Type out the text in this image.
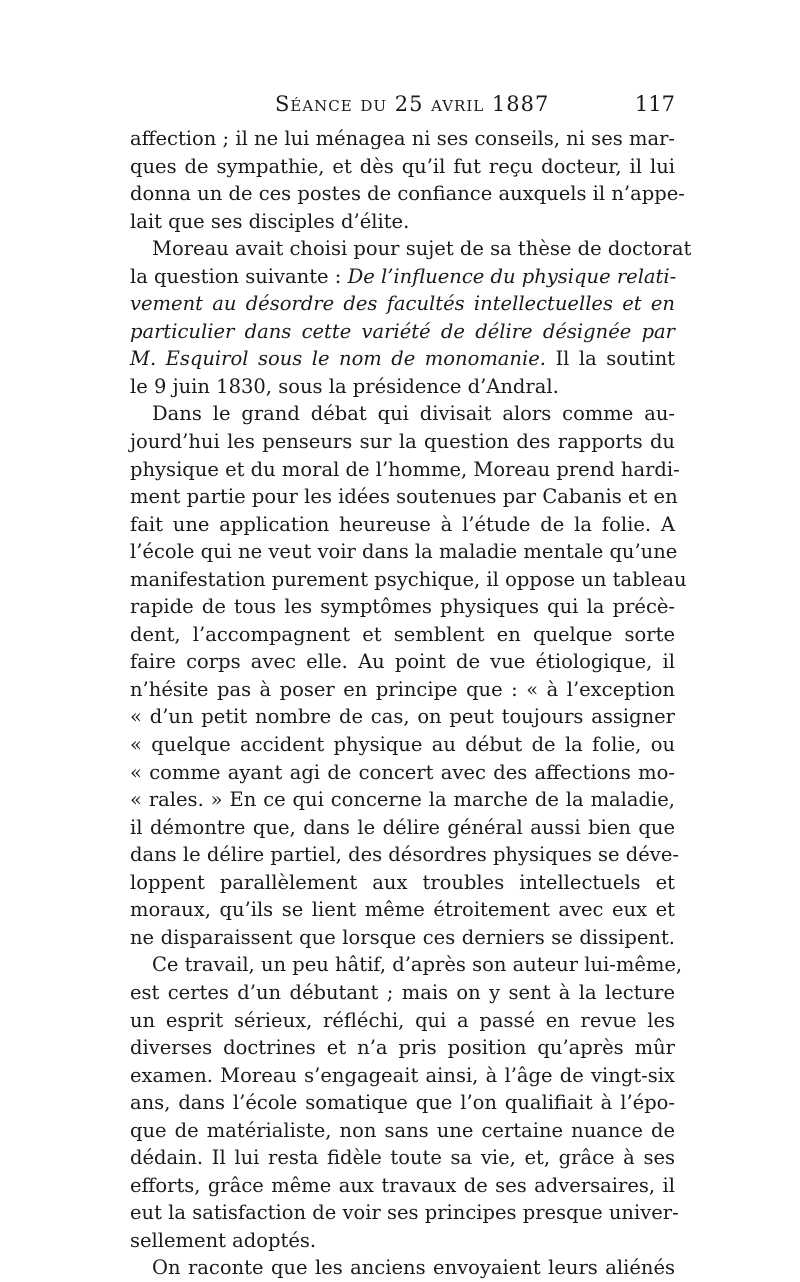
Séance du 25 avril 1887	117
affection ; il ne lui ménagea ni ses conseils, ni ses mar-
ques de sympathie, et dès qu’il fut reçu docteur, il lui
donna un de ces postes de confiance auxquels il n’appe-
lait que ses disciples d’élite.
Moreau avait choisi pour sujet de sa thèse de doctorat
la question suivante : De l’influence du physique relati-
vement au désordre des facultés intellectuelles et en
particulier dans cette variété de délire désignée par
M. Esquirol sous le nom de monomanie. Il la soutint
le 9 juin 1830, sous la présidence d’Andral.
Dans le grand débat qui divisait alors comme au-
jourd’hui les penseurs sur la question des rapports du
physique et du moral de l’homme, Moreau prend hardi-
ment partie pour les idées soutenues par Cabanis et en
fait une application heureuse à l’étude de la folie. A
l’école qui ne veut voir dans la maladie mentale qu’une
manifestation purement psychique, il oppose un tableau
rapide de tous les symptômes physiques qui la précè-
dent, l’accompagnent et semblent en quelque sorte
faire corps avec elle. Au point de vue étiologique, il
n’hésite pas à poser en principe que : « à l’exception
« d’un petit nombre de cas, on peut toujours assigner
« quelque accident physique au début de la folie, ou
« comme ayant agi de concert avec des affections mo-
« rales. » En ce qui concerne la marche de la maladie,
il démontre que, dans le délire général aussi bien que
dans le délire partiel, des désordres physiques se déve-
loppent parallèlement aux troubles intellectuels et
moraux, qu’ils se lient même étroitement avec eux et
ne disparaissent que lorsque ces derniers se dissipent.
Ce travail, un peu hâtif, d’après son auteur lui-même,
est certes d’un débutant ; mais on y sent à la lecture
un esprit sérieux, réfléchi, qui a passé en revue les
diverses doctrines et n’a pris position qu’après mûr
examen. Moreau s’engageait ainsi, à l’âge de vingt-six
ans, dans l’école somatique que l’on qualifiait à l’épo-
que de matérialiste, non sans une certaine nuance de
dédain. Il lui resta fidèle toute sa vie, et, grâce à ses
efforts, grâce même aux travaux de ses adversaires, il
eut la satisfaction de voir ses principes presque univer-
sellement adoptés.
On raconte que les anciens envoyaient leurs aliénés
